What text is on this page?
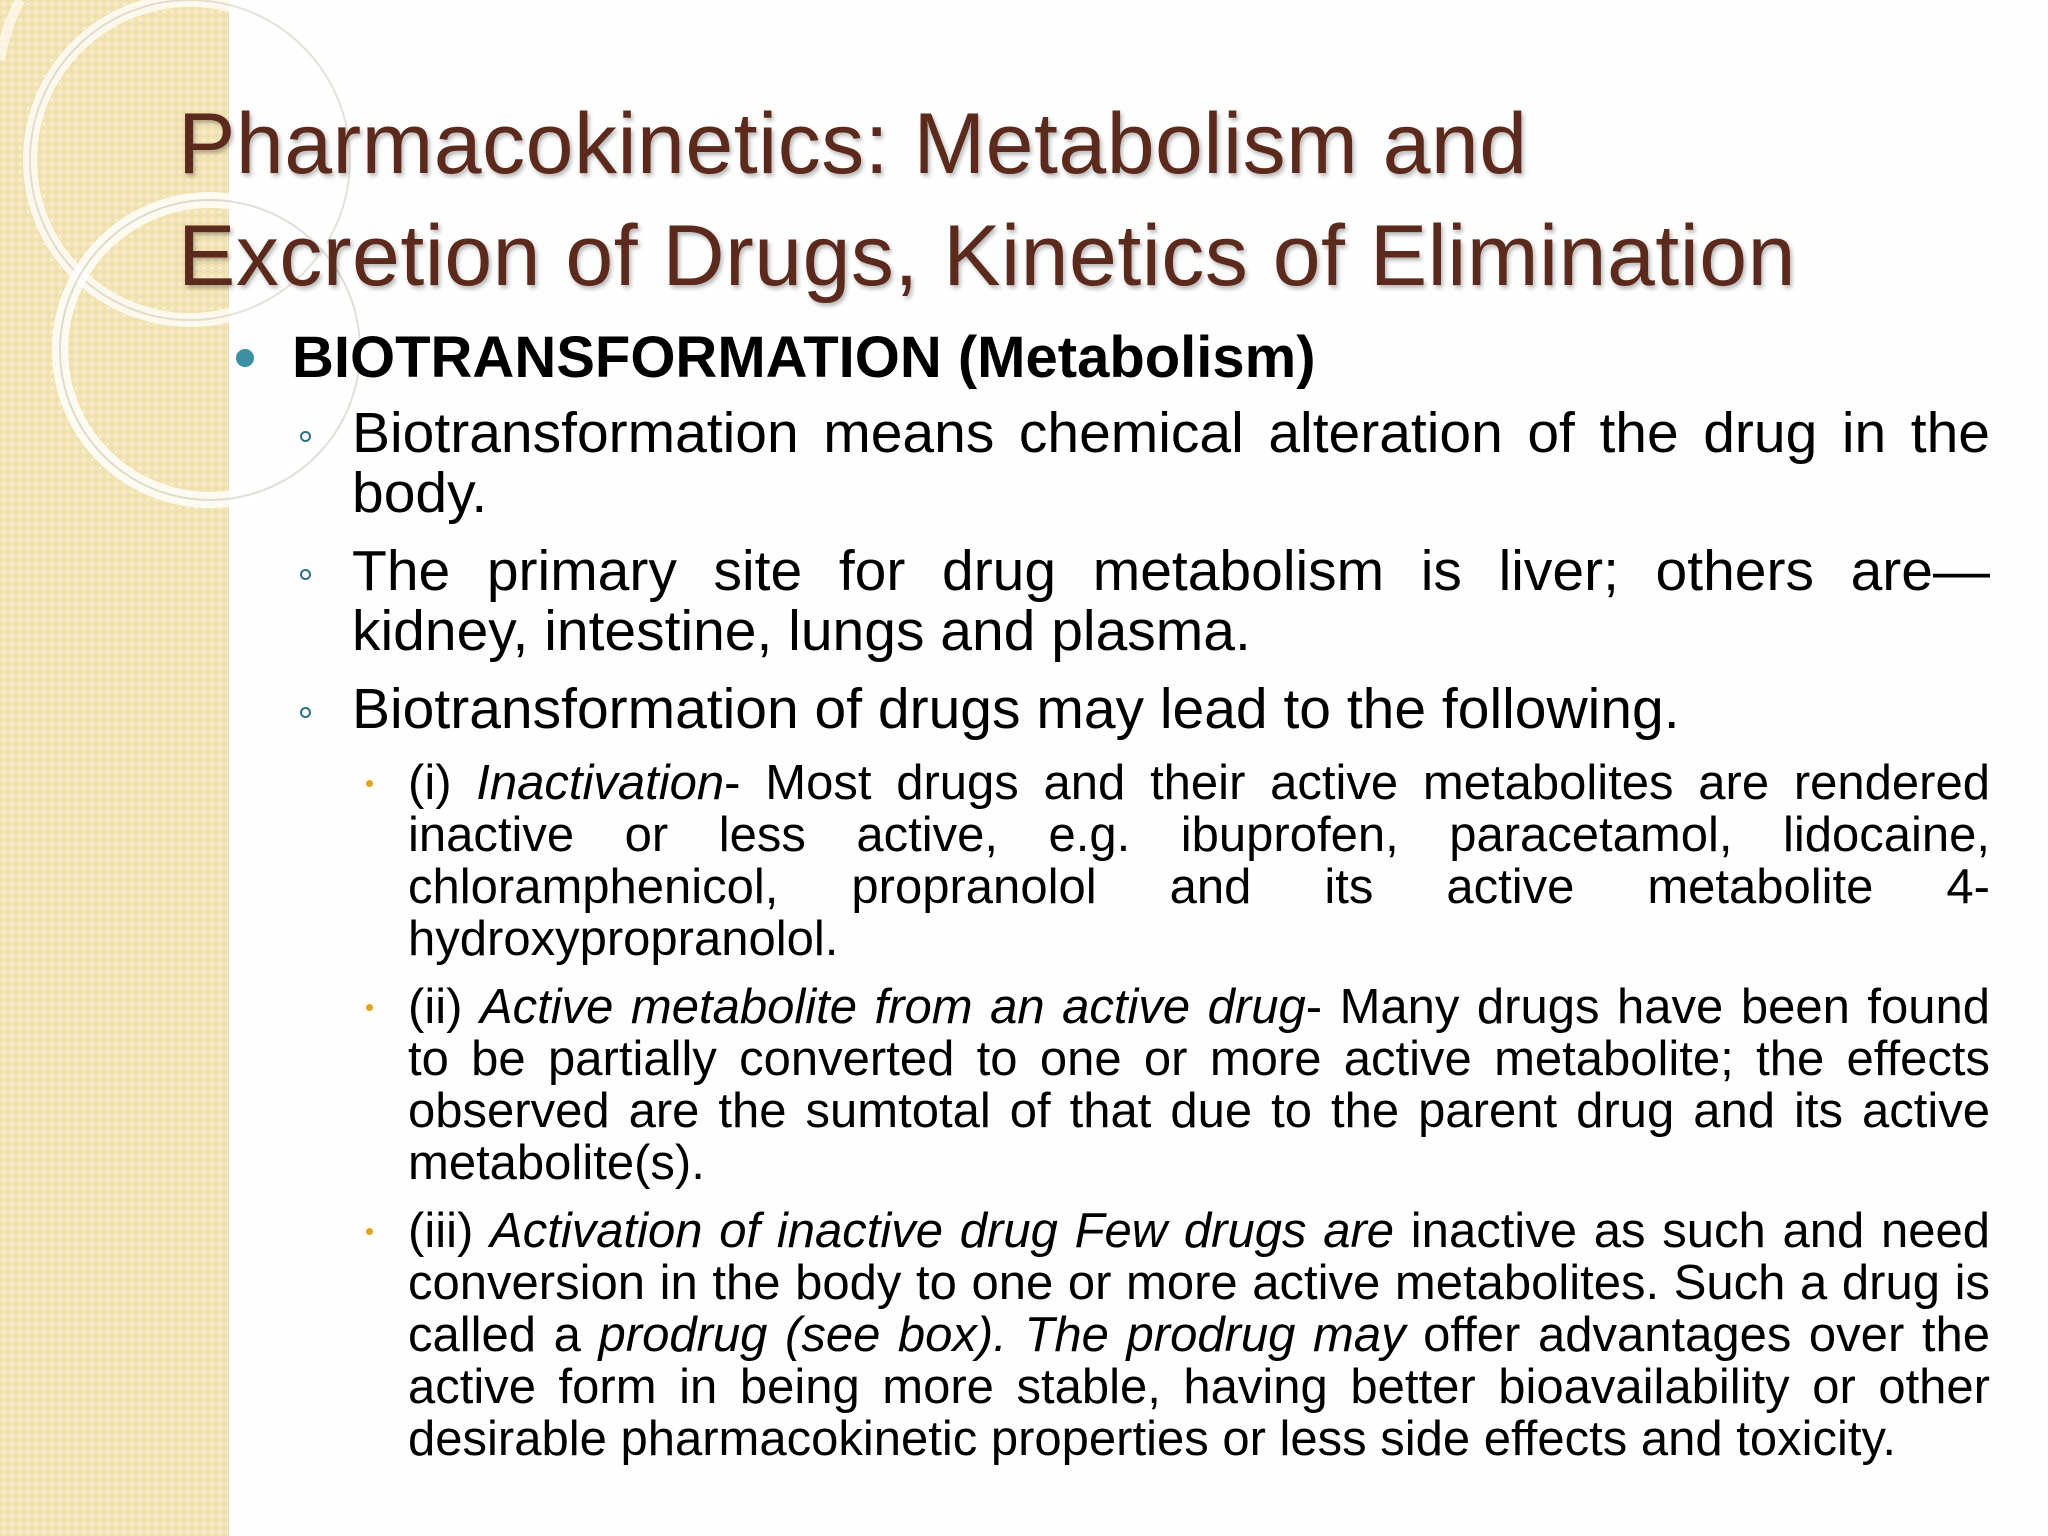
Pharmacokinetics: Metabolism and
Excretion of Drugs, Kinetics of Elimination
BIOTRANSFORMATION (Metabolism)
Biotransformation means chemical alteration of the drug in the body.
The primary site for drug metabolism is liver; others are— kidney, intestine, lungs and plasma.
Biotransformation of drugs may lead to the following.
(i) Inactivation- Most drugs and their active metabolites are rendered inactive or less active, e.g. ibuprofen, paracetamol, lidocaine, chloramphenicol, propranolol and its active metabolite 4-hydroxypropranolol.
(ii) Active metabolite from an active drug- Many drugs have been found to be partially converted to one or more active metabolite; the effects observed are the sumtotal of that due to the parent drug and its active metabolite(s).
(iii) Activation of inactive drug Few drugs are inactive as such and need conversion in the body to one or more active metabolites. Such a drug is called a prodrug (see box). The prodrug may offer advantages over the active form in being more stable, having better bioavailability or other desirable pharmacokinetic properties or less side effects and toxicity.
